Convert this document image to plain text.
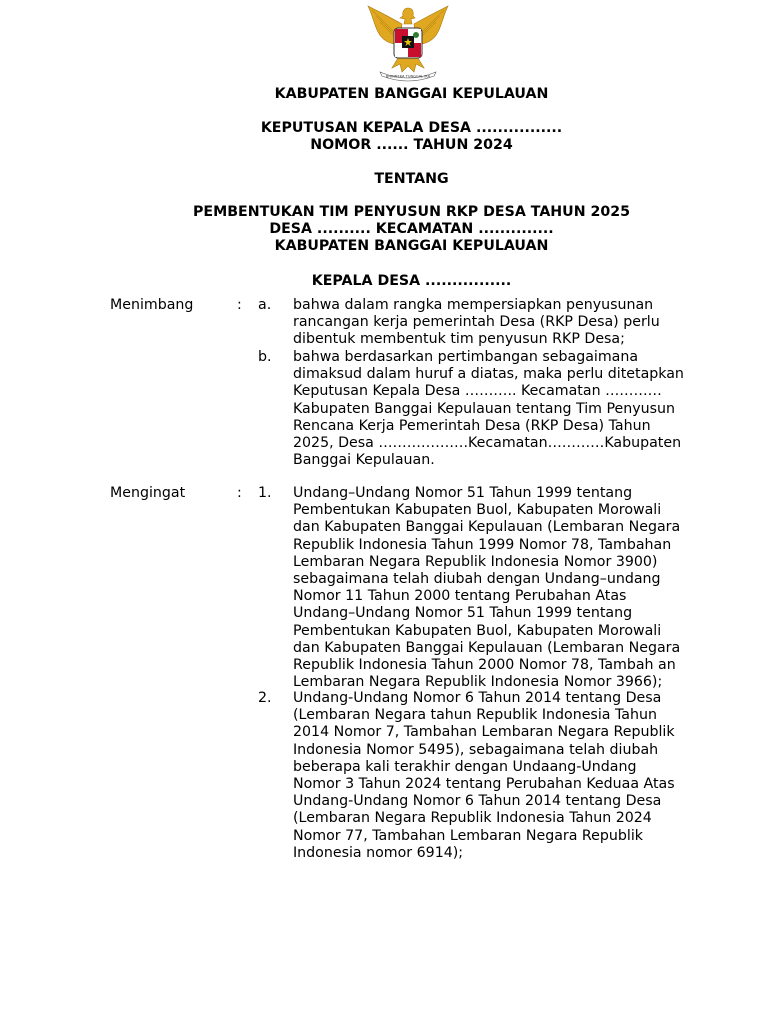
BHINNEKA TUNGGAL IKA
KABUPATEN BANGGAI KEPULAUAN
KEPUTUSAN KEPALA DESA ................
NOMOR ...... TAHUN 2024
TENTANG
PEMBENTUKAN TIM PENYUSUN RKP DESA TAHUN 2025
DESA .......... KECAMATAN ..............
KABUPATEN BANGGAI KEPULAUAN
KEPALA DESA ................
Menimbang	:	a.	bahwa dalam rangka mempersiapkan penyusunan
rancangan kerja pemerintah Desa (RKP Desa) perlu
dibentuk membentuk tim penyusun RKP Desa;
b.	bahwa berdasarkan pertimbangan sebagaimana
dimaksud dalam huruf a diatas, maka perlu ditetapkan
Keputusan Kepala Desa ……….. Kecamatan …………
Kabupaten Banggai Kepulauan tentang Tim Penyusun
Rencana Kerja Pemerintah Desa (RKP Desa) Tahun
2025, Desa ……………….Kecamatan…………Kabupaten
Banggai Kepulauan.
Mengingat	:	1.	Undang–Undang Nomor 51 Tahun 1999 tentang
Pembentukan Kabupaten Buol, Kabupaten Morowali
dan Kabupaten Banggai Kepulauan (Lembaran Negara
Republik Indonesia Tahun 1999 Nomor 78, Tambahan
Lembaran Negara Republik Indonesia Nomor 3900)
sebagaimana telah diubah dengan Undang–undang
Nomor 11 Tahun 2000 tentang Perubahan Atas
Undang–Undang Nomor 51 Tahun 1999 tentang
Pembentukan Kabupaten Buol, Kabupaten Morowali
dan Kabupaten Banggai Kepulauan (Lembaran Negara
Republik Indonesia Tahun 2000 Nomor 78, Tambah an
Lembaran Negara Republik Indonesia Nomor 3966);
2.	Undang-Undang Nomor 6 Tahun 2014 tentang Desa
(Lembaran Negara tahun Republik Indonesia Tahun
2014 Nomor 7, Tambahan Lembaran Negara Republik
Indonesia Nomor 5495), sebagaimana telah diubah
beberapa kali terakhir dengan Undaang-Undang
Nomor 3 Tahun 2024 tentang Perubahan Keduaa Atas
Undang-Undang Nomor 6 Tahun 2014 tentang Desa
(Lembaran Negara Republik Indonesia Tahun 2024
Nomor 77, Tambahan Lembaran Negara Republik
Indonesia nomor 6914);
